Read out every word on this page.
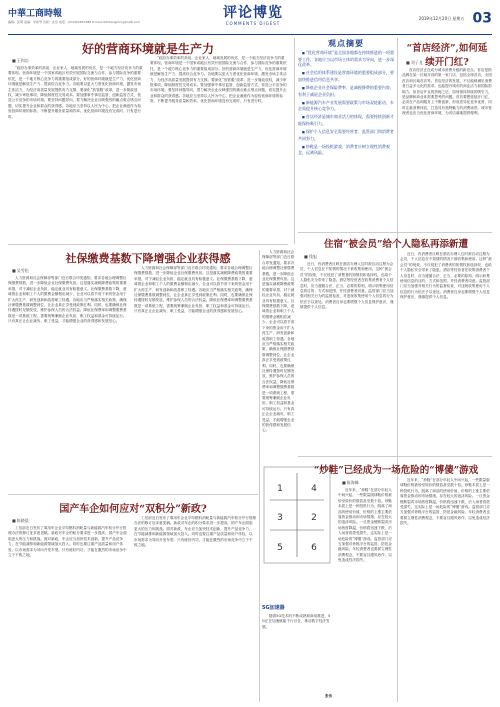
中華工商時報
编辑：张明 美编：李桂琴 出版：北京 电话：(010)62657288 E-mail:cbtzhangming@126.com
评论博览
COMMENTS DIGEST
2019年12月20日 星期五 03
好的营商环境就是生产力
■ 王和岩
“政府办事效率的高低、企业家人、地域发展的优劣，是一个地方经济竞争力的重要体现。营商环境是一个国家或地区有效开展国际交流与合作、参与国际竞争的重要依托，是一个地方核心竞争力的重要组成部分。好的营商环境就是生产力，优化营商环境就是解放生产力、提高综合竞争力。各地要以更大力度优化营商环境，激发市场主体活力，为经济高质量发展提供有力支撑。要深化“放管服”改革，进一步简政放权，减少审批事项，降低制度性交易成本。要加强事中事后监管，创新监管方式，营造公平竞争的市场环境。要坚持问题导向，着力解决企业反映强烈的痛点难点堵点问题，切实提升企业和群众的获得感。各地应当坚持以人民为中心，把企业满意作为检验营商环境的标准，不断提升服务质量和效率。优化营商环境没有完成时，只有进行时。
“政府办事效率的高低、企业家人、地域发展的优劣，是一个地方经济竞争力的重要体现。营商环境是一个国家或地区有效开展国际交流与合作、参与国际竞争的重要依托，是一个地方核心竞争力的重要组成部分。好的营商环境就是生产力，优化营商环境就是解放生产力、提高综合竞争力。各地要以更大力度优化营商环境，激发市场主体活力，为经济高质量发展提供有力支撑。要深化“放管服”改革，进一步简政放权，减少审批事项，降低制度性交易成本。要加强事中事后监管，创新监管方式，营造公平竞争的市场环境。要坚持问题导向，着力解决企业反映强烈的痛点难点堵点问题，切实提升企业和群众的获得感。各地应当坚持以人民为中心，把企业满意作为检验营商环境的标准，不断提升服务质量和效率。优化营商环境没有完成时，只有进行时。
社保缴费基数下降增强企业获得感
■ 吴雪松
人力资源和社会保障部等部门近日联合印发通知，要求各地合理调整社保缴费基数，进一步降低企业社保缴费负担。这是落实减税降费政策的重要举措，对于减轻企业负担、稳定就业具有积极意义。社保缴费基数下降，意味着企业和职工个人的缴费金额相应减少，企业可以将节省下来的资金用于扩大再生产、研发创新和改善职工待遇。各地应当严格落实相关政策，确保社保缴费基数调整到位，让企业真正享受到政策红利。同时，也要确保社保待遇按时足额发放，维护参保人员的合法权益。降低社保费率和调整缴费基数是一项系统工程，需要统筹兼顾企业负担、职工权益和基金可持续运行。只有真正让企业减负、职工受益，才能增强企业的获得感和发展信心。
人力资源和社会保障部等部门近日联合印发通知，要求各地合理调整社保缴费基数，进一步降低企业社保缴费负担。这是落实减税降费政策的重要举措，对于减轻企业负担、稳定就业具有积极意义。社保缴费基数下降，意味着企业和职工个人的缴费金额相应减少，企业可以将节省下来的资金用于扩大再生产、研发创新和改善职工待遇。各地应当严格落实相关政策，确保社保缴费基数调整到位，让企业真正享受到政策红利。同时，也要确保社保待遇按时足额发放，维护参保人员的合法权益。降低社保费率和调整缴费基数是一项系统工程，需要统筹兼顾企业负担、职工权益和基金可持续运行。只有真正让企业减负、职工受益，才能增强企业的获得感和发展信心。
国产车企如何应对“双积分”新政?
■ 陈晓晨
工信部近日发布了乘用车企业平均燃料消耗量与新能源汽车积分并行管理办法的修订征求意见稿。新政对车企的积分要求进一步提高，国产车企面临更大的压力和挑战。面对新政，车企应当加快技术创新，提升产品竞争力，在节能减排和新能源领域加大投入。同时也要注重产品质量和用户体验，以市场需求为导向开发车型。只有练好内功，才能在激烈的市场竞争中立于不败之地。
工信部近日发布了乘用车企业平均燃料消耗量与新能源汽车积分并行管理办法的修订征求意见稿。新政对车企的积分要求进一步提高，国产车企面临更大的压力和挑战。面对新政，车企应当加快技术创新，提升产品竞争力，在节能减排和新能源领域加大投入。同时也要注重产品质量和用户体验，以市场需求为导向开发车型。只有练好内功，才能在激烈的市场竞争中立于不败之地。
人力资源和社会保障部等部门近日联合印发通知，要求各地合理调整社保缴费基数，进一步降低企业社保缴费负担。这是落实减税降费政策的重要举措，对于减轻企业负担、稳定就业具有积极意义。社保缴费基数下降，意味着企业和职工个人的缴费金额相应减少，企业可以将节省下来的资金用于扩大再生产、研发创新和改善职工待遇。各地应当严格落实相关政策，确保社保缴费基数调整到位，让企业真正享受到政策红利。同时，也要确保社保待遇按时足额发放，维护参保人员的合法权益。降低社保费率和调整缴费基数是一项系统工程，需要统筹兼顾企业负担、职工权益和基金可持续运行。只有真正让企业减负、职工受益，才能增强企业的获得感和发展信心。
1	4
3	2
5	6
5G加速器
随着5G技术的不断成熟和商用推进，5G正在加速赋能千行百业，推动数字经济发展。
张伟
观点摘要
■ “优化营商环境”是全国各地都在持续推进的一项重要工作，各地应当以市场主体的需求为导向，进一步深化改革。
■ 社会信用体系建设是营商环境的重要组成部分，要加快推进信用信息共享。
■ 降低企业社会保险费率，是减税降费的重要内容，有利于减轻企业负担。
■ 新能源汽车产业发展需要政策与市场双轮驱动，车企需提升核心竞争力。
■ 首店经济是城市商业活力的体现，需要持续创新才能保持吸引力。
■ 保护个人信息安全需要经营者、监管部门和消费者共同努力。
■ 炒鞋是一场投机游戏，消费者应树立理性消费观念，远离风险。
“首店经济”,如何延续开门红?
■ 刘子龙
首店经济正在成为城市消费升级的新亮点。首店是指品牌在某一区域开设的第一家门店，包括全球首店、全国首店和区域首店等。首店经济的发展，不仅能够满足消费者日益多元化的需求，也能提升城市的商业活力和国际影响力。但首店开业的热闹之后，如何保持持续的吸引力，是品牌和商业体需要思考的问题。首店要想延续开门红，必须在产品和服务上不断创新，形成差异化竞争优势，同时注重消费体验，打造具有独特魅力的消费场景。城市管理者也应当优化营商环境，为首店落地提供便利。
住宿“被会员”给个人隐私再添新遭
■ 钱旭
近日，有消费者反映在酒店办理入住时被自动注册为会员，个人信息在不知情的情况下被收集和使用。这种“被会员”的现象，不仅侵犯了消费者的知情权和选择权，也给个人隐私安全带来了隐患。酒店等经营者在收集消费者个人信息时，应当遵循合法、正当、必要的原则，明示收集使用信息的目的、方式和范围，并经消费者同意。监管部门应当加强对相关行为的监督检查，对违规收集使用个人信息的行为依法予以查处。消费者自身也要增强个人信息保护意识，谨慎提供个人信息。
近日，有消费者反映在酒店办理入住时被自动注册为会员，个人信息在不知情的情况下被收集和使用。这种“被会员”的现象，不仅侵犯了消费者的知情权和选择权，也给个人隐私安全带来了隐患。酒店等经营者在收集消费者个人信息时，应当遵循合法、正当、必要的原则，明示收集使用信息的目的、方式和范围，并经消费者同意。监管部门应当加强对相关行为的监督检查，对违规收集使用个人信息的行为依法予以查处。消费者自身也要增强个人信息保护意识，谨慎提供个人信息。
“炒鞋”已经成为一场危险的“博傻”游戏
■ 陈海峰
近年来，“炒鞋”在部分年轻人中间兴起，一些限量版球鞋价格被炒至原价的数倍甚至数十倍。炒鞋本质上是一种投机行为，脱离了商品的使用价值，价格的上涨主要依靠资金推动和市场情绪，存在较大的泡沫风险。一旦资金链断裂或市场热度降温，价格将迅速下跌，后入场者将蒙受损失，这实际上是一场危险的“博傻”游戏。监管部门应当加强对炒鞋平台的监管，防范金融风险。年轻消费者也要树立理性消费观念，不要盲目跟风炒作，以免造成经济损失。
近年来，“炒鞋”在部分年轻人中间兴起，一些限量版球鞋价格被炒至原价的数倍甚至数十倍。炒鞋本质上是一种投机行为，脱离了商品的使用价值，价格的上涨主要依靠资金推动和市场情绪，存在较大的泡沫风险。一旦资金链断裂或市场热度降温，价格将迅速下跌，后入场者将蒙受损失，这实际上是一场危险的“博傻”游戏。监管部门应当加强对炒鞋平台的监管，防范金融风险。年轻消费者也要树立理性消费观念，不要盲目跟风炒作，以免造成经济损失。
